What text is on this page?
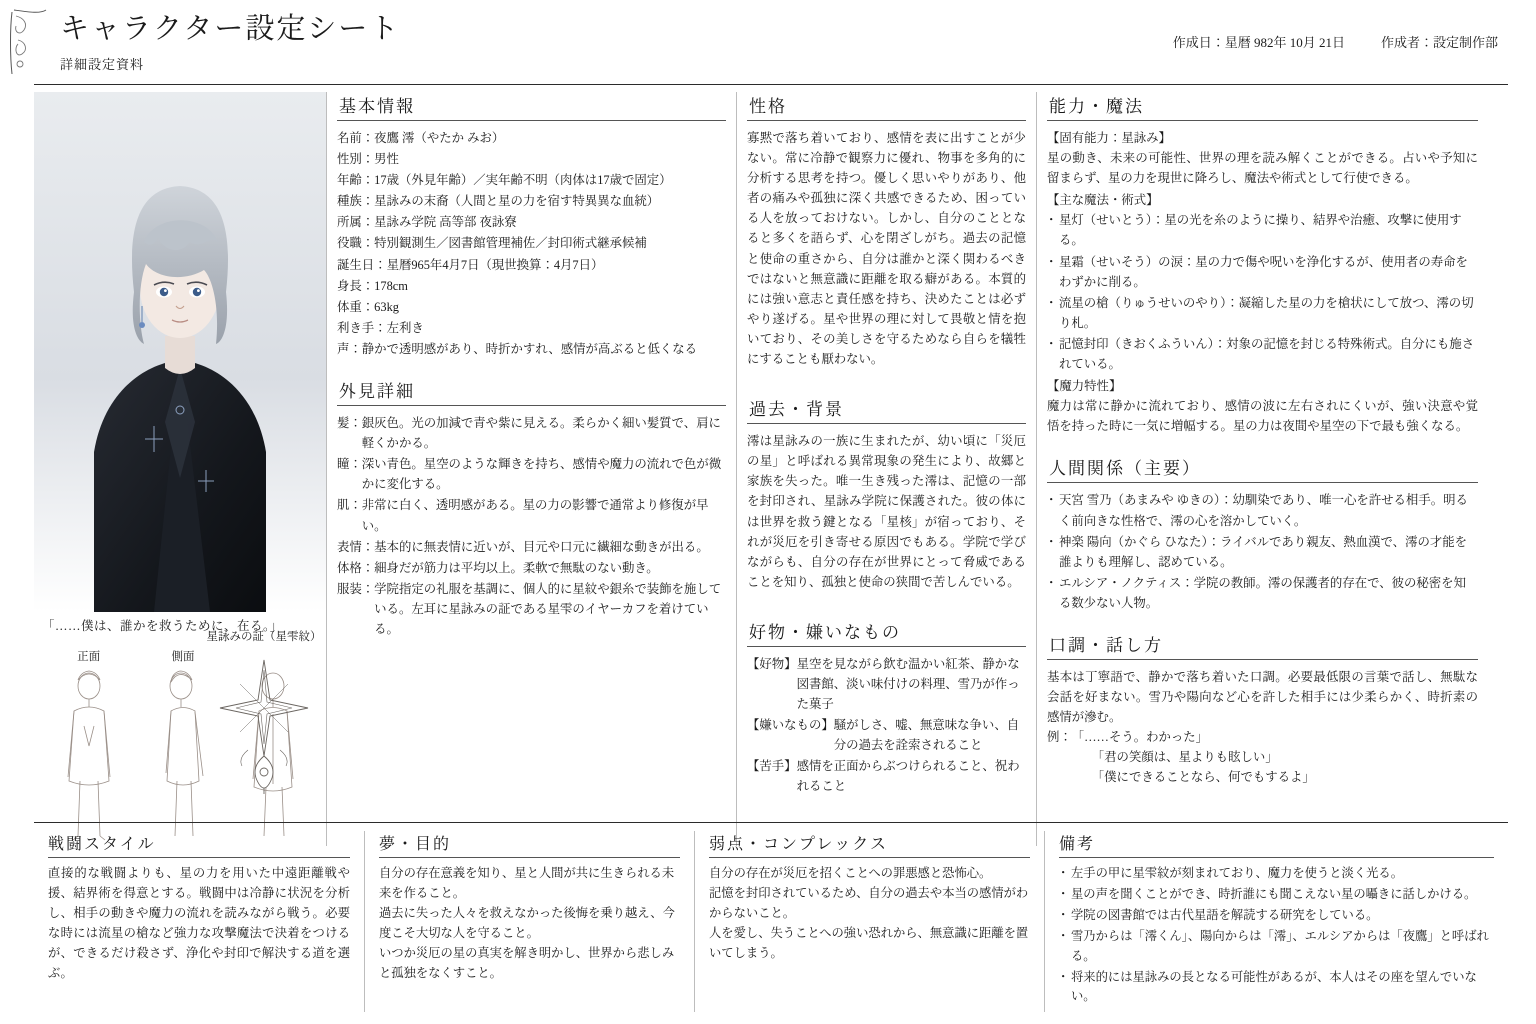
キャラクター設定シート
詳細設定資料
作成日：星暦 982年 10月 21日	作成者：設定制作部
「……僕は、誰かを救うために、在る。」
正面	側面
星詠みの証（星雫紋）
基本情報
名前： 夜鷹 澪（やたか みお）
性別： 男性
年齢： 17歳（外見年齢）／実年齢不明（肉体は17歳で固定）
種族： 星詠みの末裔（人間と星の力を宿す特異異な血統）
所属： 星詠み学院 高等部 夜詠寮
役職： 特別観測生／図書館管理補佐／封印術式継承候補
誕生日： 星暦965年4月7日（現世換算：4月7日）
身長： 178cm
体重： 63kg
利き手： 左利き
声： 静かで透明感があり、時折かすれ、感情が高ぶると低くなる
外見詳細
髪： 銀灰色。光の加減で青や紫に見える。柔らかく細い髪質で、肩に軽くかかる。
瞳： 深い青色。星空のような輝きを持ち、感情や魔力の流れで色が微かに変化する。
肌： 非常に白く、透明感がある。星の力の影響で通常より修復が早い。
表情： 基本的に無表情に近いが、目元や口元に繊細な動きが出る。
体格： 細身だが筋力は平均以上。柔軟で無駄のない動き。
服装： 学院指定の礼服を基調に、個人的に星紋や銀糸で装飾を施している。左耳に星詠みの証である星雫のイヤーカフを着けている。
性格

寡黙で落ち着いており、感情を表に出すことが少ない。常に冷静で観察力に優れ、物事を多角的に分析する思考を持つ。優しく思いやりがあり、他者の痛みや孤独に深く共感できるため、困っている人を放っておけない。しかし、自分のこととなると多くを語らず、心を閉ざしがち。過去の記憶と使命の重さから、自分は誰かと深く関わるべきではないと無意識に距離を取る癖がある。本質的には強い意志と責任感を持ち、決めたことは必ずやり遂げる。星や世界の理に対して畏敬と情を抱いており、その美しさを守るためなら自らを犠牲にすることも厭わない。

過去・背景

澪は星詠みの一族に生まれたが、幼い頃に「災厄の星」と呼ばれる異常現象の発生により、故郷と家族を失った。唯一生き残った澪は、記憶の一部を封印され、星詠み学院に保護された。彼の体には世界を救う鍵となる「星核」が宿っており、それが災厄を引き寄せる原因でもある。学院で学びながらも、自分の存在が世界にとって脅威であることを知り、孤独と使命の狭間で苦しんでいる。

好物・嫌いなもの
【好物】 星空を見ながら飲む温かい紅茶、静かな図書館、淡い味付けの料理、雪乃が作った菓子
【嫌いなもの】 騒がしさ、嘘、無意味な争い、自分の過去を詮索されること
【苦手】 感情を正面からぶつけられること、祝われること
能力・魔法
【固有能力：星詠み】
星の動き、未来の可能性、世界の理を読み解くことができる。占いや予知に留まらず、星の力を現世に降ろし、魔法や術式として行使できる。
【主な魔法・術式】
・ 星灯（せいとう）：星の光を糸のように操り、結界や治癒、攻撃に使用する。
・ 星霜（せいそう）の涙：星の力で傷や呪いを浄化するが、使用者の寿命をわずかに削る。
・ 流星の槍（りゅうせいのやり）：凝縮した星の力を槍状にして放つ、澪の切り札。
・ 記憶封印（きおくふういん）：対象の記憶を封じる特殊術式。自分にも施されている。
【魔力特性】
魔力は常に静かに流れており、感情の波に左右されにくいが、強い決意や覚悟を持った時に一気に増幅する。星の力は夜間や星空の下で最も強くなる。
人間関係（主要）
・ 天宮 雪乃（あまみや ゆきの）：幼馴染であり、唯一心を許せる相手。明るく前向きな性格で、澪の心を溶かしていく。
・ 神楽 陽向（かぐら ひなた）：ライバルであり親友、熱血漢で、澪の才能を誰よりも理解し、認めている。
・ エルシア・ノクティス：学院の教師。澪の保護者的存在で、彼の秘密を知る数少ない人物。
口調・話し方
基本は丁寧語で、静かで落ち着いた口調。必要最低限の言葉で話し、無駄な会話を好まない。雪乃や陽向など心を許した相手には少柔らかく、時折素の感情が滲む。
例： 「……そう。わかった」
「君の笑顔は、星よりも眩しい」
「僕にできることなら、何でもするよ」
戦闘スタイル
直接的な戦闘よりも、星の力を用いた中遠距離戦や援、結界術を得意とする。戦闘中は冷静に状況を分析し、相手の動きや魔力の流れを読みながら戦う。必要な時には流星の槍など強力な攻撃魔法で決着をつけるが、できるだけ殺さず、浄化や封印で解決する道を選ぶ。
夢・目的
自分の存在意義を知り、星と人間が共に生きられる未来を作ること。
過去に失った人々を救えなかった後悔を乗り越え、今度こそ大切な人を守ること。
いつか災厄の星の真実を解き明かし、世界から悲しみと孤独をなくすこと。
弱点・コンプレックス
自分の存在が災厄を招くことへの罪悪感と恐怖心。
記憶を封印されているため、自分の過去や本当の感情がわからないこと。
人を愛し、失うことへの強い恐れから、無意識に距離を置いてしまう。
備考
・ 左手の甲に星雫紋が刻まれており、魔力を使うと淡く光る。
・ 星の声を聞くことができ、時折誰にも聞こえない星の囁きに話しかける。
・ 学院の図書館では古代星語を解読する研究をしている。
・ 雪乃からは「澪くん」、陽向からは「澪」、エルシアからは「夜鷹」と呼ばれる。
・ 将来的には星詠みの長となる可能性があるが、本人はその座を望んでいない。
